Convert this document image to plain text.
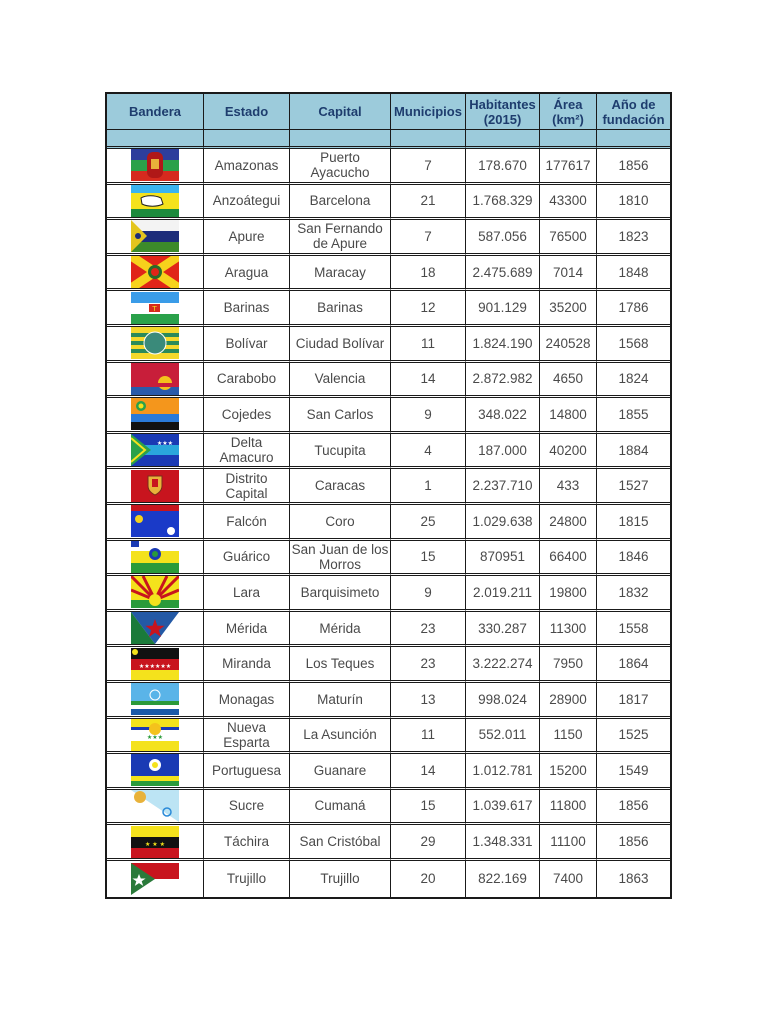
Bandera	Estado	Capital	Municipios	Habitantes (2015)	Área (km²)	Año de fundación

	Amazonas	Puerto Ayacucho	7	178.670	177617	1856

	Anzoátegui	Barcelona	21	1.768.329	43300	1810

	Apure	San Fernando de Apure	7	587.056	76500	1823

	Aragua	Maracay	18	2.475.689	7014	1848

T	Barinas	Barinas	12	901.129	35200	1786

	Bolívar	Ciudad Bolívar	11	1.824.190	240528	1568

	Carabobo	Valencia	14	2.872.982	4650	1824

	Cojedes	San Carlos	9	348.022	14800	1855

★★★	Delta Amacuro	Tucupita	4	187.000	40200	1884

	Distrito Capital	Caracas	1	2.237.710	433	1527

	Falcón	Coro	25	1.029.638	24800	1815

	Guárico	San Juan de los Morros	15	870951	66400	1846

	Lara	Barquisimeto	9	2.019.211	19800	1832

	Mérida	Mérida	23	330.287	11300	1558

★★★★★★	Miranda	Los Teques	23	3.222.274	7950	1864

	Monagas	Maturín	13	998.024	28900	1817

★★★	Nueva Esparta	La Asunción	11	552.011	1150	1525

	Portuguesa	Guanare	14	1.012.781	15200	1549

	Sucre	Cumaná	15	1.039.617	11800	1856

★ ★ ★	Táchira	San Cristóbal	29	1.348.331	11100	1856

	Trujillo	Trujillo	20	822.169	7400	1863
